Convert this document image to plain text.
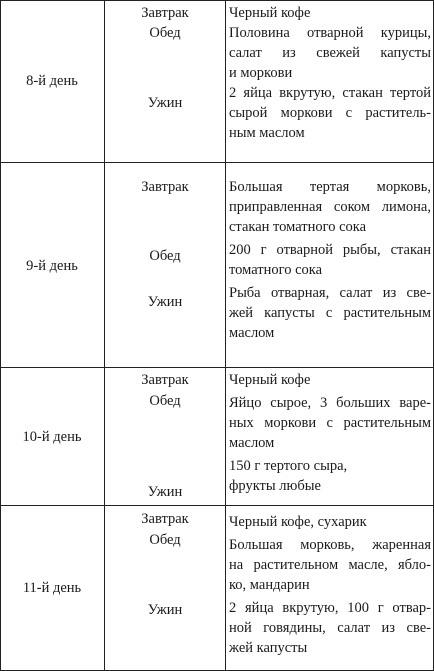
8-й день
Завтрак
Обед
Ужин
Черный кофе
Половина отварной курицы,
салат из свежей капусты
и моркови
2 яйца вкрутую, стакан тертой
сырой моркови с раститель-
ным маслом
9-й день
Завтрак
Обед
Ужин
Большая тертая морковь,
приправленная соком лимона,
стакан томатного сока
200 г отварной рыбы, стакан
томатного сока
Рыба отварная, салат из све-
жей капусты с растительным
маслом
10-й день
Завтрак
Обед
Ужин
Черный кофе
Яйцо сырое, 3 больших варе-
ных моркови с растительным
маслом
150 г тертого сыра,
фрукты любые
11-й день
Завтрак
Обед
Ужин
Черный кофе, сухарик
Большая морковь, жаренная
на растительном масле, ябло-
ко, мандарин
2 яйца вкрутую, 100 г отвар-
ной говядины, салат из све-
жей капусты
